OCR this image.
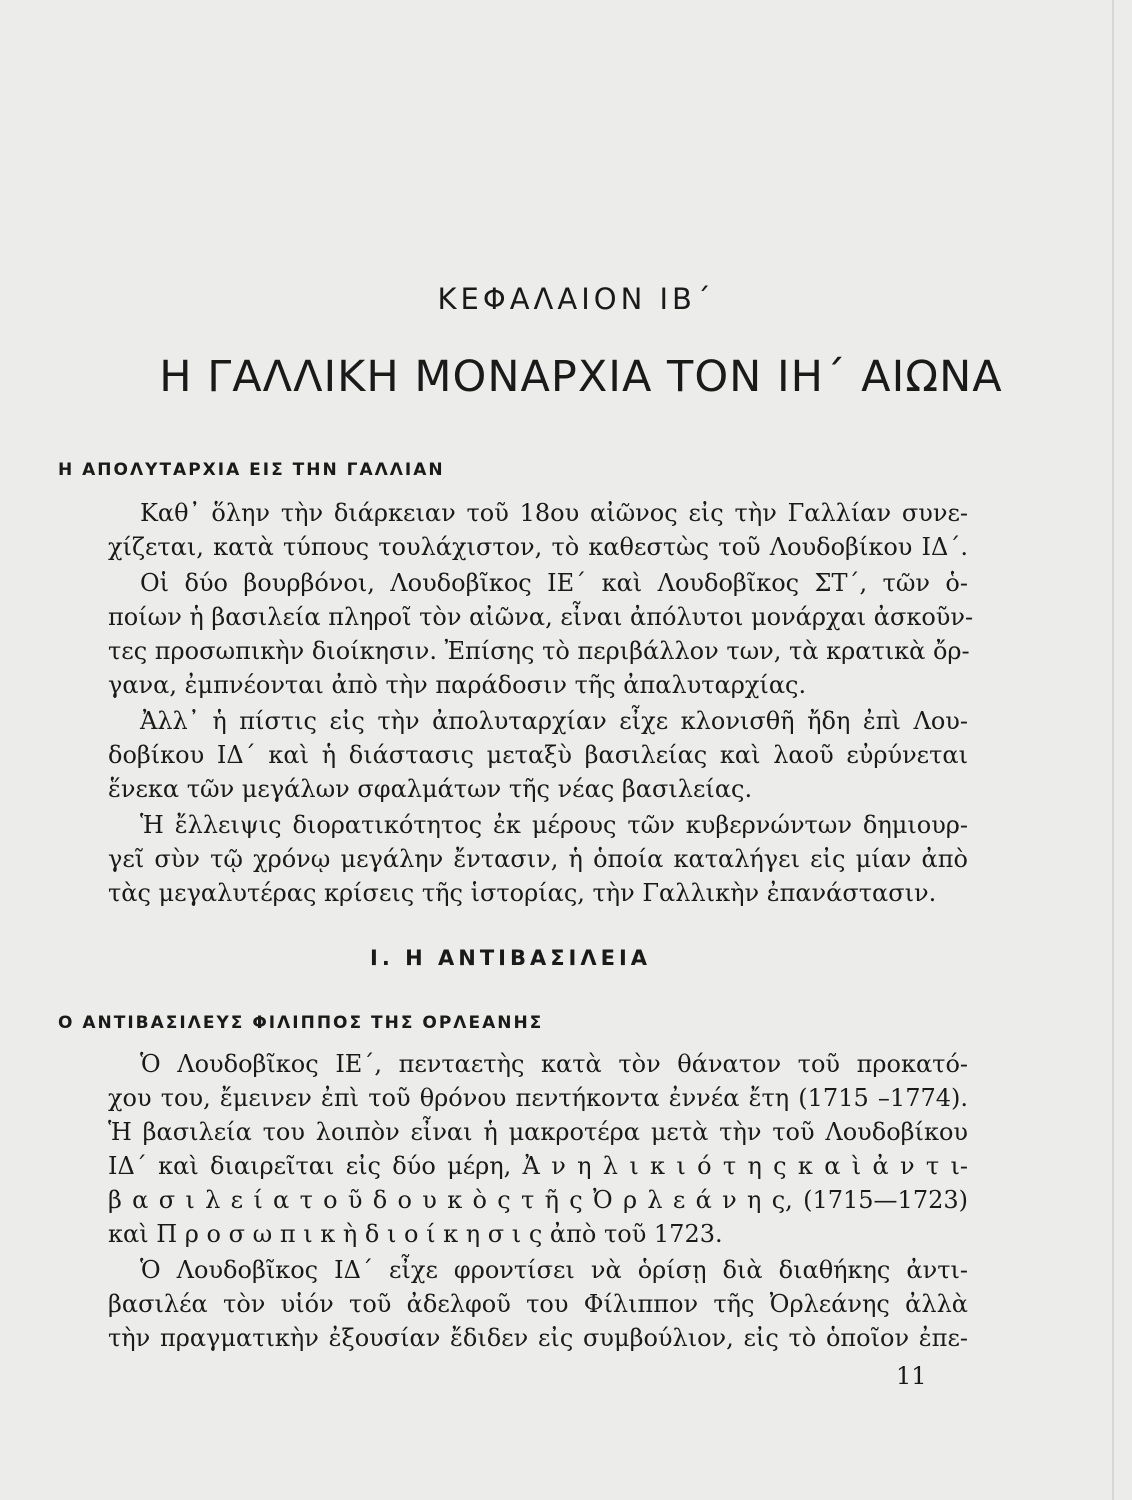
ΚΕΦΑΛΑΙΟΝ ΙΒ΄
Η ΓΑΛΛΙΚΗ ΜΟΝΑΡΧΙΑ ΤΟΝ ΙΗ΄ ΑΙΩΝΑ
Η ΑΠΟΛΥΤΑΡΧΙΑ ΕΙΣ ΤΗΝ ΓΑΛΛΙΑΝ
Καθ᾿ ὅλην τὴν διάρκειαν τοῦ 18ου αἰῶνος εἰς τὴν Γαλλίαν συνε-
χίζεται, κατὰ τύπους τουλάχιστον, τὸ καθεστὼς τοῦ Λουδοβίκου ΙΔ΄.
Οἱ δύο βουρβόνοι, Λουδοβῖκος ΙΕ΄ καὶ Λουδοβῖκος ΣΤ΄, τῶν ὁ-
ποίων ἡ βασιλεία πληροῖ τὸν αἰῶνα, εἶναι ἀπόλυτοι μονάρχαι ἀσκοῦν-
τες προσωπικὴν διοίκησιν. Ἐπίσης τὸ περιβάλλον των, τὰ κρατικὰ ὄρ-
γανα, ἐμπνέονται ἀπὸ τὴν παράδοσιν τῆς ἀπαλυταρχίας.
Ἀλλ᾿ ἡ πίστις εἰς τὴν ἀπολυταρχίαν εἶχε κλονισθῆ ἤδη ἐπὶ Λου-
δοβίκου ΙΔ΄ καὶ ἡ διάστασις μεταξὺ βασιλείας καὶ λαοῦ εὐρύνεται
ἕνεκα τῶν μεγάλων σφαλμάτων τῆς νέας βασιλείας.
Ἡ ἔλλειψις διορατικότητος ἐκ μέρους τῶν κυβερνώντων δημιουρ-
γεῖ σὺν τῷ χρόνῳ μεγάλην ἔντασιν, ἡ ὁποία καταλήγει εἰς μίαν ἀπὸ
τὰς μεγαλυτέρας κρίσεις τῆς ἱστορίας, τὴν Γαλλικὴν ἐπανάστασιν.
Ι. Η ΑΝΤΙΒΑΣΙΛΕΙΑ
Ο ΑΝΤΙΒΑΣΙΛΕΥΣ ΦΙΛΙΠΠΟΣ ΤΗΣ ΟΡΛΕΑΝΗΣ
Ὁ Λουδοβῖκος ΙΕ΄, πενταετὴς κατὰ τὸν θάνατον τοῦ προκατό-
χου του, ἔμεινεν ἐπὶ τοῦ θρόνου πεντήκοντα ἐννέα ἔτη (1715 –1774).
Ἡ βασιλεία του λοιπὸν εἶναι ἡ μακροτέρα μετὰ τὴν τοῦ Λουδοβίκου
ΙΔ΄ καὶ διαιρεῖται εἰς δύο μέρη, Ἀ ν η λ ι κ ι ό τ η ς κ α ὶ ἀ ν τ ι-
β α σ ι λ ε ί α τ ο ῦ δ ο υ κ ὸ ς τ ῆ ς Ὀ ρ λ ε ά ν η ς, (1715—1723)
καὶ Π ρ ο σ ω π ι κ ὴ δ ι ο ί κ η σ ι ς ἀπὸ τοῦ 1723.
Ὁ Λουδοβῖκος ΙΔ΄ εἶχε φροντίσει νὰ ὁρίσῃ διὰ διαθήκης ἀντι-
βασιλέα τὸν υἱόν τοῦ ἀδελφοῦ του Φίλιππον τῆς Ὀρλεάνης ἀλλὰ
τὴν πραγματικὴν ἐξουσίαν ἔδιδεν εἰς συμβούλιον, εἰς τὸ ὁποῖον ἐπε-
11
